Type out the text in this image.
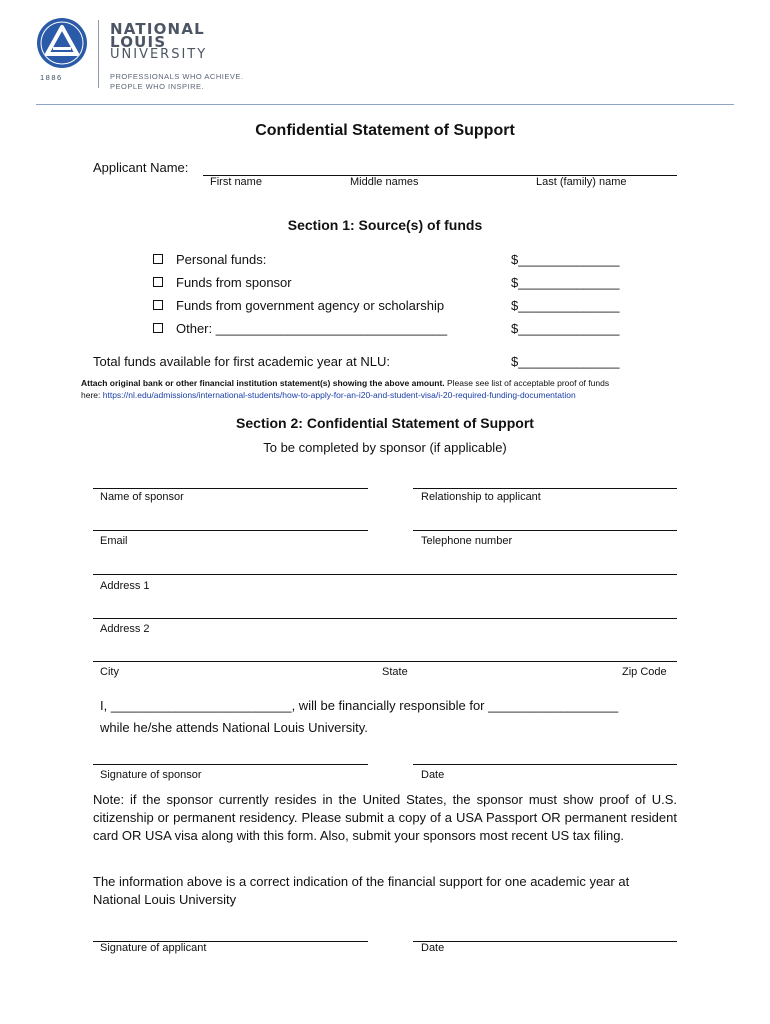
1886
NATIONAL
LOUIS
UNIVERSITY
PROFESSIONALS WHO ACHIEVE.
PEOPLE WHO INSPIRE.
Confidential Statement of Support
Applicant Name:
First name	Middle names	Last (family) name
Section 1: Source(s) of funds
Personal funds:	$______________
Funds from sponsor	$______________
Funds from government agency or scholarship	$______________
Other: ________________________________	$______________
Total funds available for first academic year at NLU:	$______________
Attach original bank or other financial institution statement(s) showing the above amount. Please see list of acceptable proof of funds
here: https://nl.edu/admissions/international-students/how-to-apply-for-an-i20-and-student-visa/i-20-required-funding-documentation
Section 2: Confidential Statement of Support
To be completed by sponsor (if applicable)
Name of sponsor	Relationship to applicant
Email	Telephone number
Address 1
Address 2
City	State	Zip Code
I, _________________________, will be financially responsible for __________________
while he/she attends National Louis University.
Signature of sponsor	Date
Note: if the sponsor currently resides in the United States, the sponsor must show proof of U.S. citizenship or permanent residency. Please submit a copy of a USA Passport OR permanent resident card OR USA visa along with this form. Also, submit your sponsors most recent US tax filing.
The information above is a correct indication of the financial support for one academic year at National Louis University
Signature of applicant	Date
